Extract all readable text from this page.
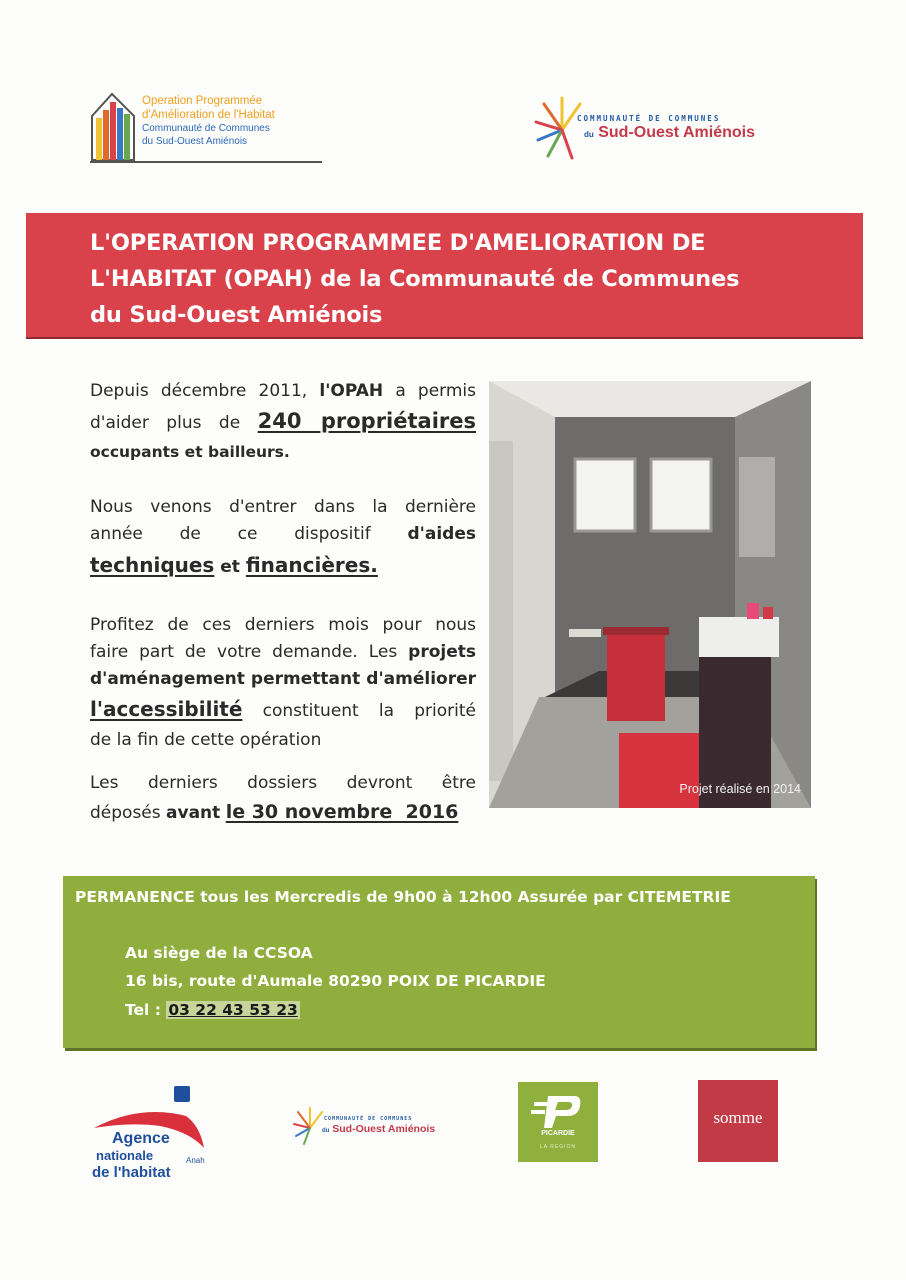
Operation Programmée
d'Amélioration de l'Habitat
Communauté de Communes
du Sud-Ouest Amiénois
COMMUNAUTÉ DE COMMUNES
du Sud-Ouest Amiénois
L'OPERATION PROGRAMMEE D'AMELIORATION DE
L'HABITAT (OPAH) de la Communauté de Communes
du Sud-Ouest Amiénois
Depuis décembre 2011, l'OPAH a permis
d'aider plus de 240 propriétaires
occupants et bailleurs.
Nous venons d'entrer dans la dernière
année de ce dispositif d'aides
techniques et financières.
Profitez de ces derniers mois pour nous
faire part de votre demande. Les projets
d'aménagement permettant d'améliorer
l'accessibilité constituent la priorité
de la fin de cette opération
Les derniers dossiers devront être
déposés avant le 30 novembre  2016
Projet réalisé en 2014
PERMANENCE tous les Mercredis de 9h00 à 12h00 Assurée par CITEMETRIE
Au siège de la CCSOA
16 bis, route d'Aumale 80290 POIX DE PICARDIE
Tel : 03 22 43 53 23
Agence
nationale	Anah
de l'habitat
COMMUNAUTÉ DE COMMUNES
du Sud-Ouest Amiénois	PICARDIE
LA REGION
somme
